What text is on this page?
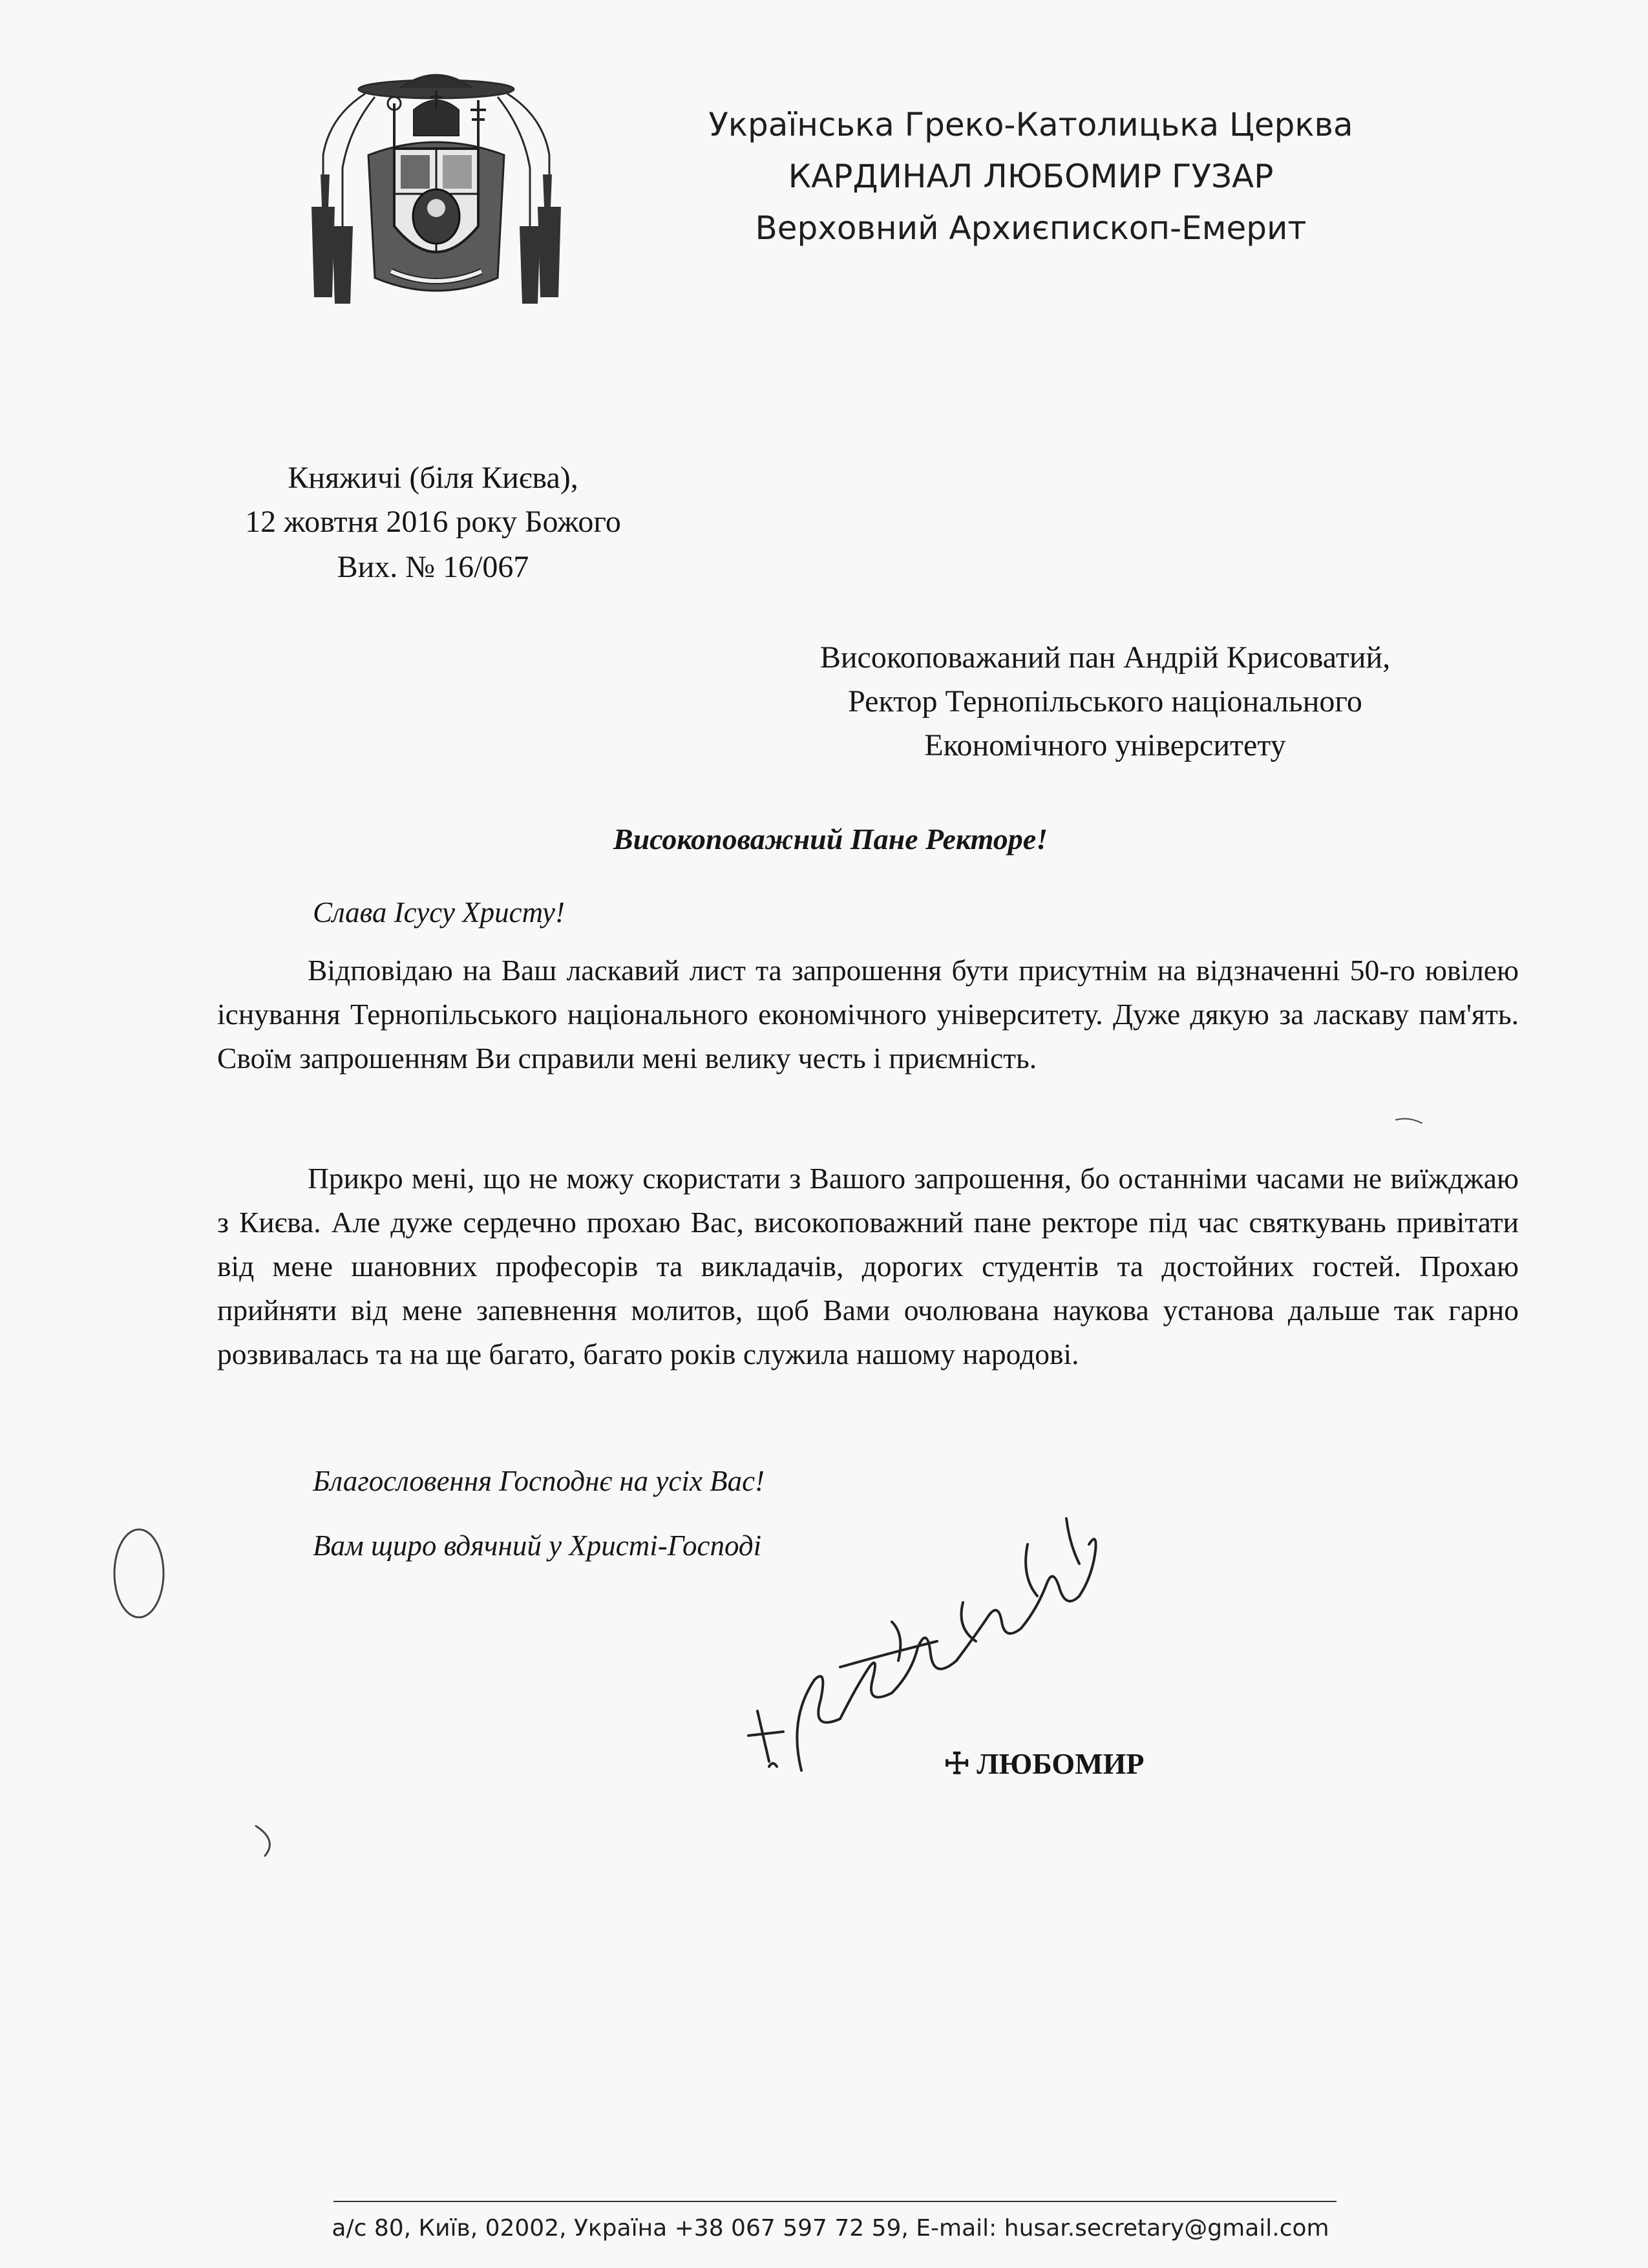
Українська Греко-Католицька Церква
КАРДИНАЛ ЛЮБОМИР ГУЗАР
Верховний Архиєпископ-Емерит
Княжичі (біля Києва),
12 жовтня 2016 року Божого
Вих. № 16/067
Високоповажаний пан Андрій Крисоватий,
Ректор Тернопільського національного
Економічного університету
Високоповажний Пане Ректоре!
Слава Ісусу Христу!

Відповідаю на Ваш ласкавий лист та запрошення бути присутнім на відзначенні 50-го ювілею існування Тернопільського національного економічного університету. Дуже дякую за ласкаву пам'ять. Своїм запрошенням Ви справили мені велику честь і приємність.

Прикро мені, що не можу скористати з Вашого запрошення, бо останніми часами не виїжджаю з Києва. Але дуже сердечно прохаю Вас, високоповажний пане ректоре під час святкувань привітати від мене шановних професорів та викладачів, дорогих студентів та достойних гостей. Прохаю прийняти від мене запевнення молитов, щоб Вами очолювана наукова установа дальше так гарно розвивалась та на ще багато, багато років служила нашому народові.

Благословення Господнє на усіх Вас!
Вам щиро вдячний у Христі-Господі
☩ ЛЮБОМИР
а/с 80, Київ, 02002, Україна +38 067 597 72 59, E-mail: husar.secretary@gmail.com
